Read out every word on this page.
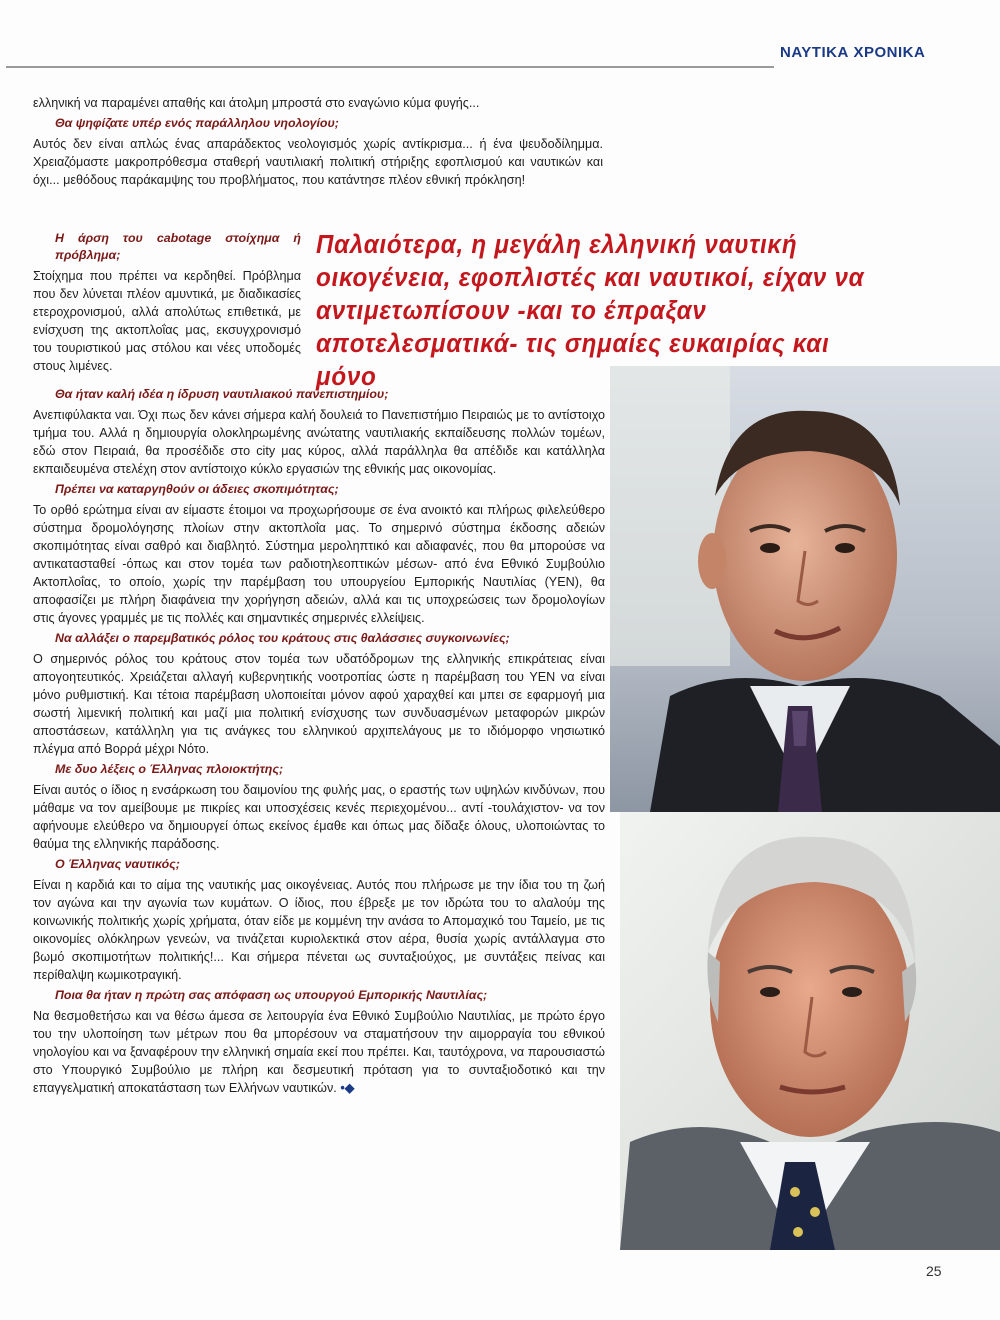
ΝΑΥΤΙΚΑ ΧΡΟΝΙΚΑ

ελληνική να παραμένει απαθής και άτολμη μπροστά στο εναγώνιο κύμα φυγής...

Θα ψηφίζατε υπέρ ενός παράλληλου νηολογίου;

Αυτός δεν είναι απλώς ένας απαράδεκτος νεολογισμός χωρίς αντίκρισμα... ή ένα ψευδοδίλημμα. Χρειαζόμαστε μακροπρόθεσμα σταθερή ναυτιλιακή πολιτική στήριξης εφοπλισμού και ναυτικών και όχι... μεθόδους παράκαμψης του προβλήματος, που κατάντησε πλέον εθνική πρόκληση!

Η άρση του cabotage στοίχημα ή πρόβλημα;

Στοίχημα που πρέπει να κερδηθεί. Πρόβλημα που δεν λύνεται πλέον αμυντικά, με διαδικασίες ετεροχρονισμού, αλλά απολύτως επιθετικά, με ενίσχυση της ακτοπλοΐας μας, εκσυγχρονισμό του τουριστικού μας στόλου και νέες υποδομές στους λιμένες.

Παλαιότερα, η μεγάλη ελληνική ναυτική οικογένεια, εφοπλιστές και ναυτικοί, είχαν να αντιμετωπίσουν -και το έπραξαν αποτελεσματικά- τις σημαίες ευκαιρίας και μόνο
Θα ήταν καλή ιδέα η ίδρυση ναυτιλιακού πανεπιστημίου;

Ανεπιφύλακτα ναι. Όχι πως δεν κάνει σήμερα καλή δουλειά το Πανεπιστήμιο Πειραιώς με το αντίστοιχο τμήμα του. Αλλά η δημιουργία ολοκληρωμένης ανώτατης ναυτιλιακής εκπαίδευσης πολλών τομέων, εδώ στον Πειραιά, θα προσέδιδε στο city μας κύρος, αλλά παράλληλα θα απέδιδε και κατάλληλα εκπαιδευμένα στελέχη στον αντίστοιχο κύκλο εργασιών της εθνικής μας οικονομίας.

Πρέπει να καταργηθούν οι άδειες σκοπιμότητας;

Το ορθό ερώτημα είναι αν είμαστε έτοιμοι να προχωρήσουμε σε ένα ανοικτό και πλήρως φιλελεύθερο σύστημα δρομολόγησης πλοίων στην ακτοπλοΐα μας. Το σημερινό σύστημα έκδοσης αδειών σκοπιμότητας είναι σαθρό και διαβλητό. Σύστημα μεροληπτικό και αδιαφανές, που θα μπορούσε να αντικατασταθεί -όπως και στον τομέα των ραδιοτηλεοπτικών μέσων- από ένα Εθνικό Συμβούλιο Ακτοπλοΐας, το οποίο, χωρίς την παρέμβαση του υπουργείου Εμπορικής Ναυτιλίας (ΥΕΝ), θα αποφασίζει με πλήρη διαφάνεια την χορήγηση αδειών, αλλά και τις υποχρεώσεις των δρομολογίων στις άγονες γραμμές με τις πολλές και σημαντικές σημερινές ελλείψεις.

Να αλλάξει ο παρεμβατικός ρόλος του κράτους στις θαλάσσιες συγκοινωνίες;

Ο σημερινός ρόλος του κράτους στον τομέα των υδατόδρομων της ελληνικής επικράτειας είναι απογοητευτικός. Χρειάζεται αλλαγή κυβερνητικής νοοτροπίας ώστε η παρέμβαση του ΥΕΝ να είναι μόνο ρυθμιστική. Και τέτοια παρέμβαση υλοποιείται μόνον αφού χαραχθεί και μπει σε εφαρμογή μια σωστή λιμενική πολιτική και μαζί μια πολιτική ενίσχυσης των συνδυασμένων μεταφορών μικρών αποστάσεων, κατάλληλη για τις ανάγκες του ελληνικού αρχιπελάγους με το ιδιόμορφο νησιωτικό πλέγμα από Βορρά μέχρι Νότο.

Με δυο λέξεις ο Έλληνας πλοιοκτήτης;

Είναι αυτός ο ίδιος η ενσάρκωση του δαιμονίου της φυλής μας, ο εραστής των υψηλών κινδύνων, που μάθαμε να τον αμείβουμε με πικρίες και υποσχέσεις κενές περιεχομένου... αντί -τουλάχιστον- να τον αφήνουμε ελεύθερο να δημιουργεί όπως εκείνος έμαθε και όπως μας δίδαξε όλους, υλοποιώντας το θαύμα της ελληνικής παράδοσης.

Ο Έλληνας ναυτικός;

Είναι η καρδιά και το αίμα της ναυτικής μας οικογένειας. Αυτός που πλήρωσε με την ίδια του τη ζωή τον αγώνα και την αγωνία των κυμάτων. Ο ίδιος, που έβρεξε με τον ιδρώτα του το αλαλούμ της κοινωνικής πολιτικής χωρίς χρήματα, όταν είδε με κομμένη την ανάσα το Απομαχικό του Ταμείο, με τις οικονομίες ολόκληρων γενεών, να τινάζεται κυριολεκτικά στον αέρα, θυσία χωρίς αντάλλαγμα στο βωμό σκοπιμοτήτων πολιτικής!... Και σήμερα πένεται ως συνταξιούχος, με συντάξεις πείνας και περίθαλψη κωμικοτραγική.

Ποια θα ήταν η πρώτη σας απόφαση ως υπουργού Εμπορικής Ναυτιλίας;

Να θεσμοθετήσω και να θέσω άμεσα σε λειτουργία ένα Εθνικό Συμβούλιο Ναυτιλίας, με πρώτο έργο του την υλοποίηση των μέτρων που θα μπορέσουν να σταματήσουν την αιμορραγία του εθνικού νηολογίου και να ξαναφέρουν την ελληνική σημαία εκεί που πρέπει. Και, ταυτόχρονα, να παρουσιαστώ στο Υπουργικό Συμβούλιο με πλήρη και δεσμευτική πρόταση για το συνταξιοδοτικό και την επαγγελματική αποκατάσταση των Ελλήνων ναυτικών. •◆

25
